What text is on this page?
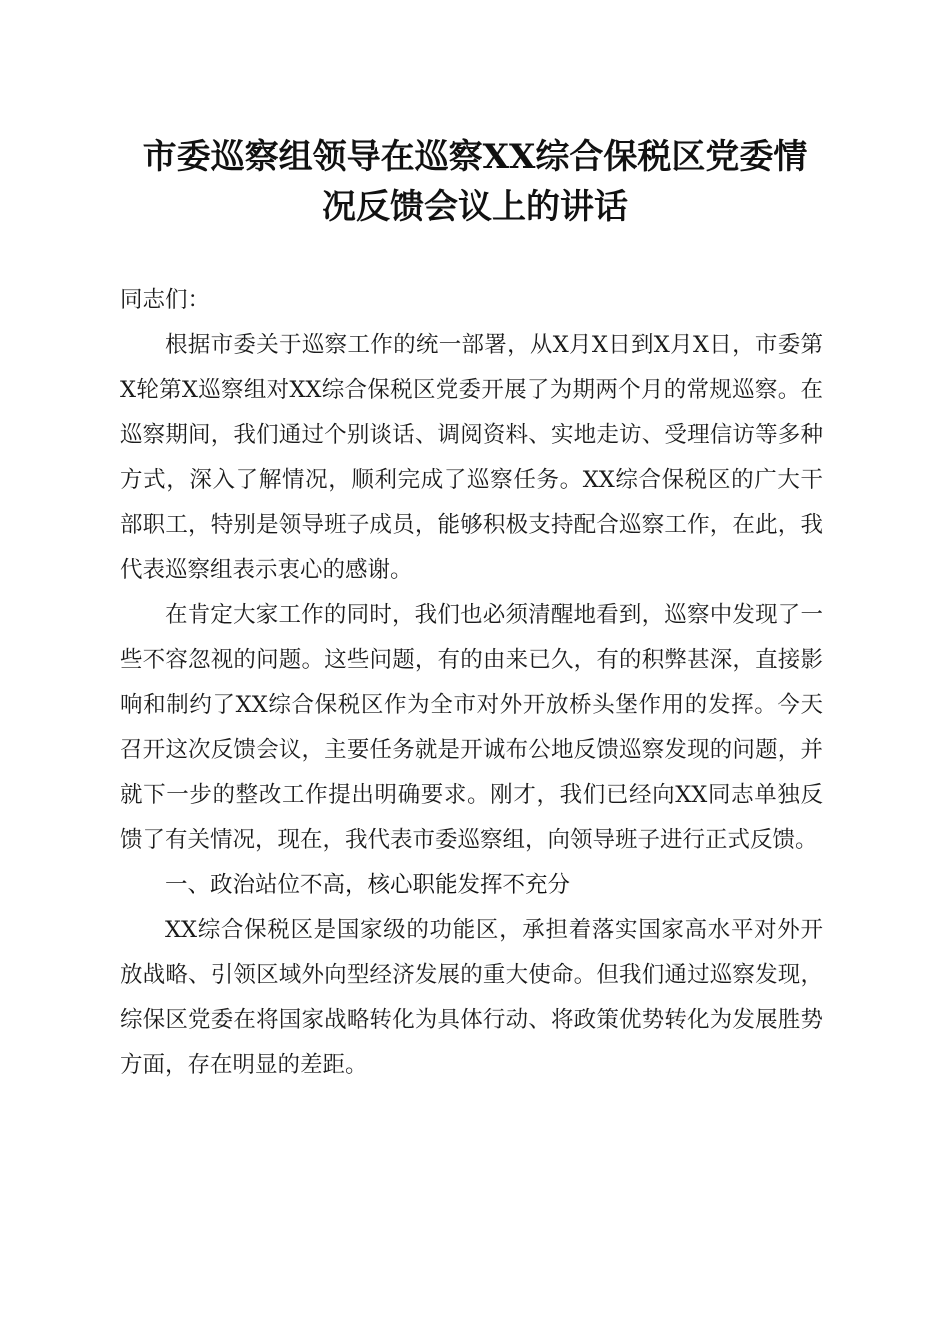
市委巡察组领导在巡察XX综合保税区党委情
况反馈会议上的讲话

同志们：

根据市委关于巡察工作的统一部署，从X月X日到X月X日，市委第X轮第X巡察组对XX综合保税区党委开展了为期两个月的常规巡察。在巡察期间，我们通过个别谈话、调阅资料、实地走访、受理信访等多种方式，深入了解情况，顺利完成了巡察任务。XX综合保税区的广大干部职工，特别是领导班子成员，能够积极支持配合巡察工作，在此，我代表巡察组表示衷心的感谢。

在肯定大家工作的同时，我们也必须清醒地看到，巡察中发现了一些不容忽视的问题。这些问题，有的由来已久，有的积弊甚深，直接影响和制约了XX综合保税区作为全市对外开放桥头堡作用的发挥。今天召开这次反馈会议，主要任务就是开诚布公地反馈巡察发现的问题，并就下一步的整改工作提出明确要求。刚才，我们已经向XX同志单独反馈了有关情况，现在，我代表市委巡察组，向领导班子进行正式反馈。

一、政治站位不高，核心职能发挥不充分

XX综合保税区是国家级的功能区，承担着落实国家高水平对外开放战略、引领区域外向型经济发展的重大使命。但我们通过巡察发现，综保区党委在将国家战略转化为具体行动、将政策优势转化为发展胜势方面，存在明显的差距。
